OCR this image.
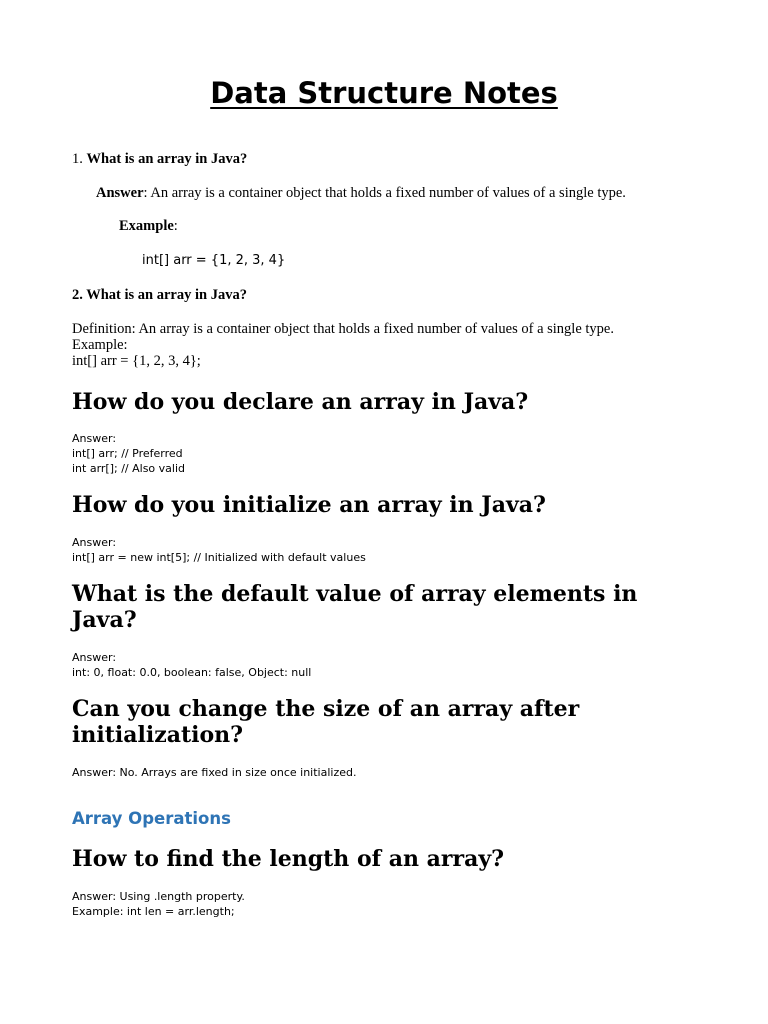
Data Structure Notes
1. What is an array in Java?
Answer: An array is a container object that holds a fixed number of values of a single type.
Example:
int[] arr = {1, 2, 3, 4}
2. What is an array in Java?
Definition: An array is a container object that holds a fixed number of values of a single type.
Example:
int[] arr = {1, 2, 3, 4};
How do you declare an array in Java?
Answer:
int[] arr; // Preferred
int arr[]; // Also valid
How do you initialize an array in Java?
Answer:
int[] arr = new int[5]; // Initialized with default values
What is the default value of array elements in Java?
Answer:
int: 0, float: 0.0, boolean: false, Object: null
Can you change the size of an array after initialization?
Answer: No. Arrays are fixed in size once initialized.
Array Operations
How to find the length of an array?
Answer: Using .length property.
Example: int len = arr.length;
